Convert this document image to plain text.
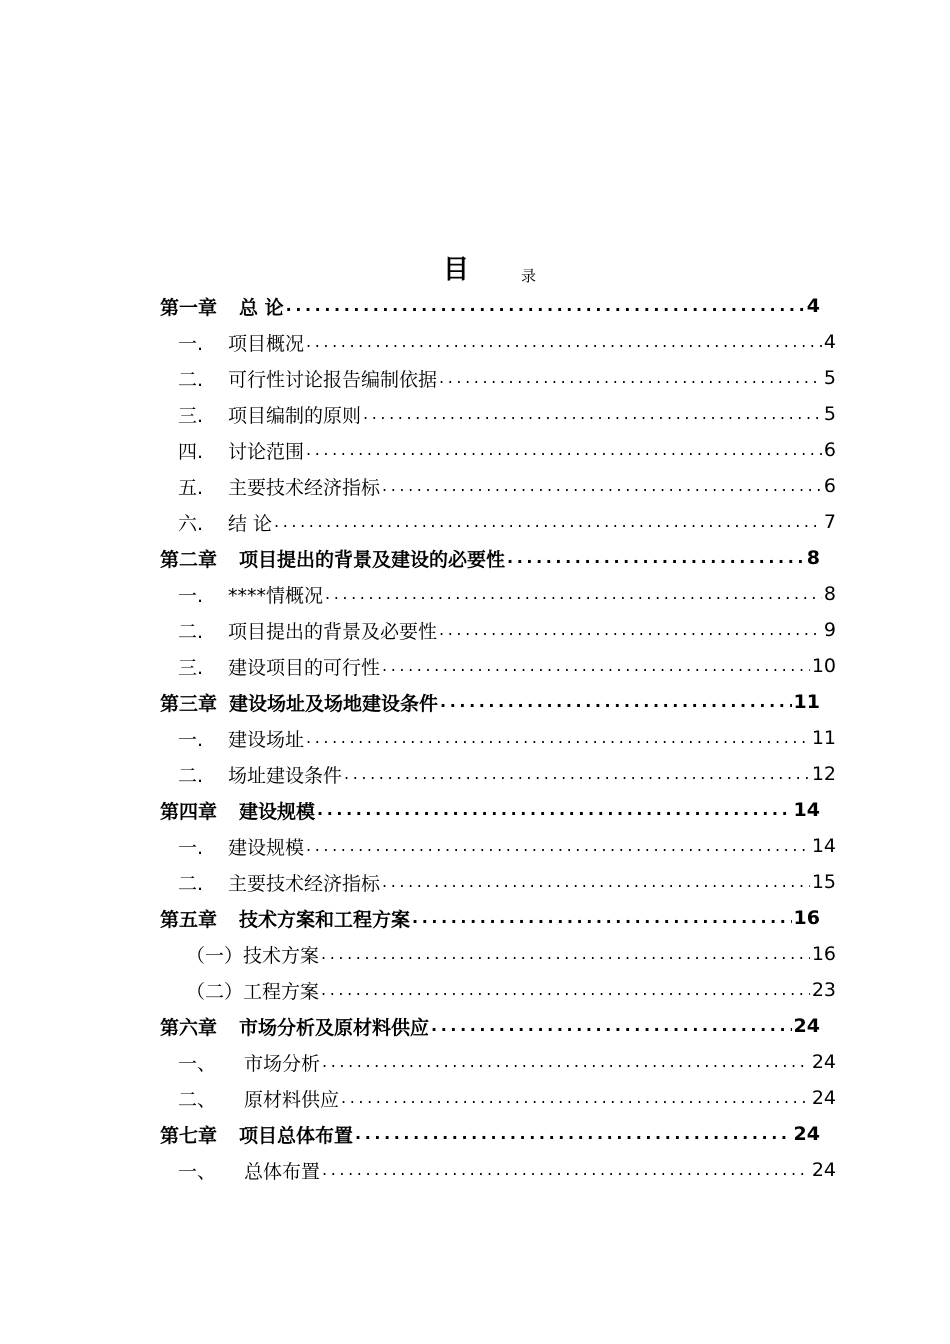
目	录
第一章 总 论 .....	4
一.	项目概况 .....	4
二.	可行性讨论报告编制依据 .....	5
三.	项目编制的原则 .....	5
四.	讨论范围 .....	6
五.	主要技术经济指标 .....	6
六.	结 论 .....	7
第二章 项目提出的背景及建设的必要性 .....	8
一.	****情概况 .....	8
二.	项目提出的背景及必要性 .....	9
三.	建设项目的可行性 .....	10
第三章 建设场址及场地建设条件 .....	11
一.	建设场址 .....	11
二.	场址建设条件 .....	12
第四章 建设规模 .....	14
一.	建设规模 .....	14
二.	主要技术经济指标 .....	15
第五章 技术方案和工程方案 .....	16
（一） 技术方案 .....	16
（二） 工程方案 .....	23
第六章 市场分析及原材料供应 .....	24
一、	市场分析 .....	24
二、	原材料供应 .....	24
第七章 项目总体布置 .....	24
一、	总体布置 .....	24
